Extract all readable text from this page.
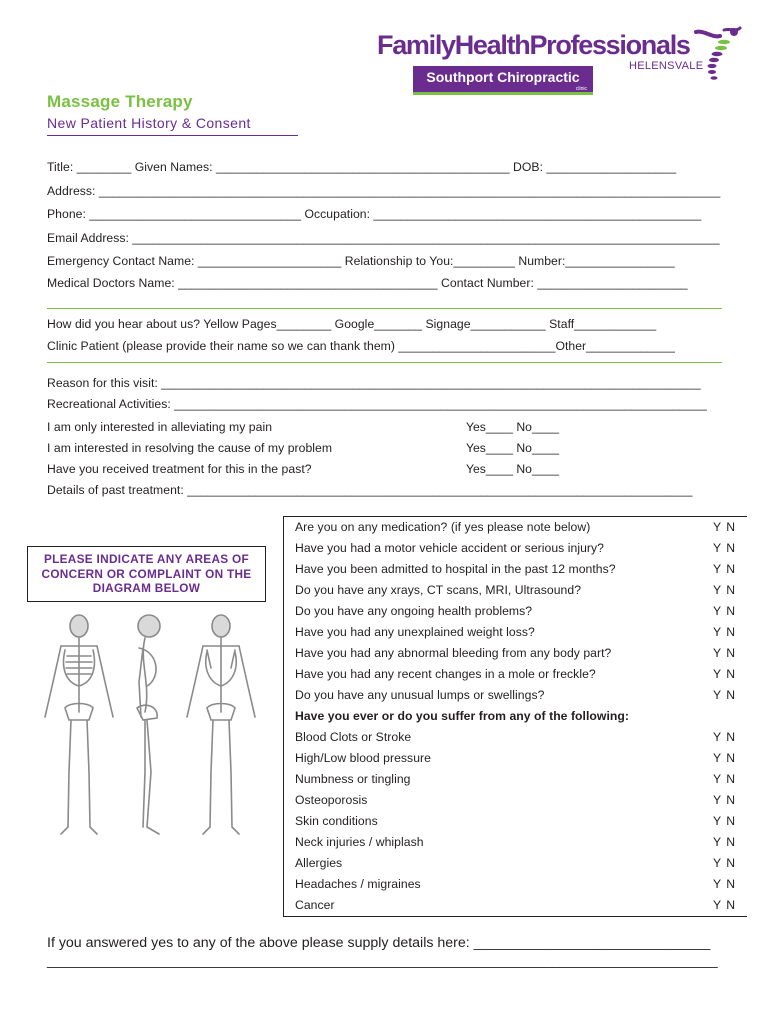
FamilyHealthProfessionals
HELENSVALE
Southport Chiropractic
clinic
Massage Therapy
New Patient History & Consent
Title: ________ Given Names: ___________________________________________ DOB: ___________________
Address: ___________________________________________________________________________________________
Phone: _______________________________ Occupation: ________________________________________________
Email Address: ______________________________________________________________________________________
Emergency Contact Name: _____________________ Relationship to You:_________ Number:________________
Medical Doctors Name: ______________________________________ Contact Number: ______________________
How did you hear about us? Yellow Pages________ Google_______ Signage___________ Staff____________
Clinic Patient (please provide their name so we can thank them) _______________________Other_____________
Reason for this visit: _______________________________________________________________________________
Recreational Activities: ______________________________________________________________________________
I am only interested in alleviating my pain	Yes____ No____
I am interested in resolving the cause of my problem	Yes____ No____
Have you received treatment for this in the past?	Yes____ No____
Details of past treatment: __________________________________________________________________________
PLEASE INDICATE ANY AREAS OF
CONCERN OR COMPLAINT ON THE
DIAGRAM BELOW
Are you on any medication? (if yes please note below)	Y N
Have you had a motor vehicle accident or serious injury?	Y N
Have you been admitted to hospital in the past 12 months?	Y N
Do you have any xrays, CT scans, MRI, Ultrasound?	Y N
Do you have any ongoing health problems?	Y N
Have you had any unexplained weight loss?	Y N
Have you had any abnormal bleeding from any body part?	Y N
Have you had any recent changes in a mole or freckle?	Y N
Do you have any unusual lumps or swellings?	Y N
Have you ever or do you suffer from any of the following:
Blood Clots or Stroke	Y N
High/Low blood pressure	Y N
Numbness or tingling	Y N
Osteoporosis	Y N
Skin conditions	Y N
Neck injuries / whiplash	Y N
Allergies	Y N
Headaches / migraines	Y N
Cancer	Y N
If you answered yes to any of the above please supply details here: ______________________________
_____________________________________________________________________________________
